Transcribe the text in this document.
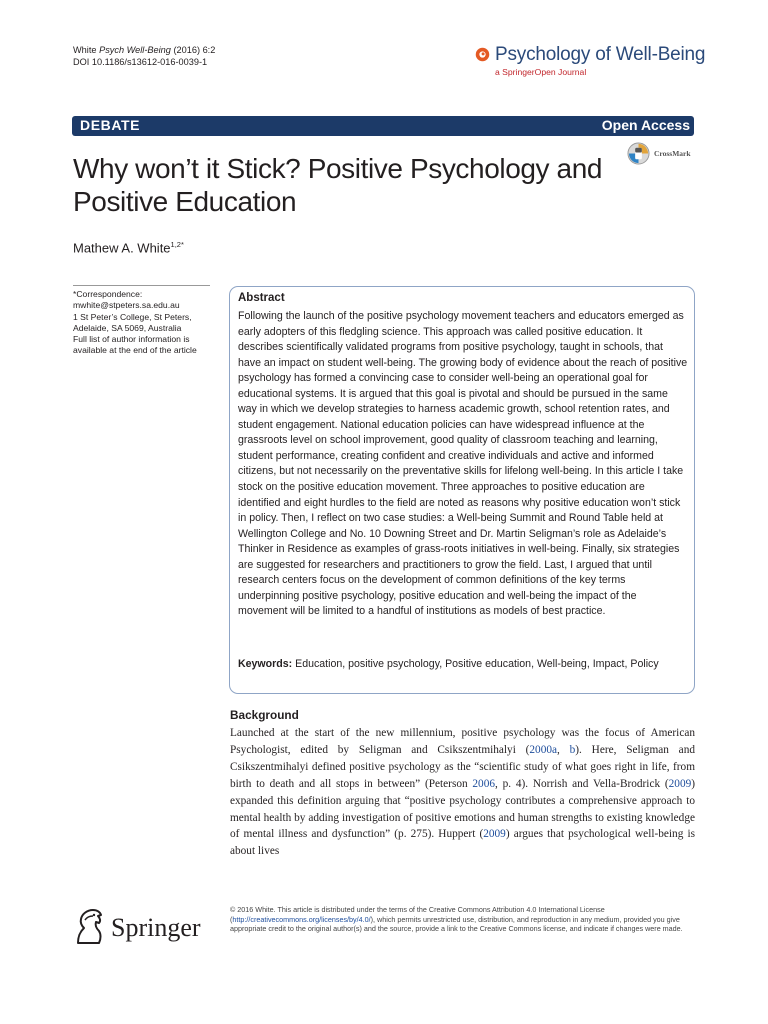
White Psych Well-Being (2016) 6:2
DOI 10.1186/s13612-016-0039-1	Psychology of Well-Being
a SpringerOpen Journal
DEBATE	Open Access
CrossMark
Why won’t it Stick? Positive Psychology and Positive Education
Mathew A. White$^{1,2*}$

*Correspondence:

mwhite@stpeters.sa.edu.au

1 St Peter’s College, St Peters, Adelaide, SA 5069, Australia

Full list of author information is available at the end of the article

Abstract
Following the launch of the positive psychology movement teachers and educators emerged as early adopters of this fledgling science. This approach was called positive education. It describes scientifically validated programs from positive psychology, taught in schools, that have an impact on student well-being. The growing body of evidence about the reach of positive psychology has formed a convincing case to consider well-being an operational goal for educational systems. It is argued that this goal is pivotal and should be pursued in the same way in which we develop strategies to harness academic growth, school retention rates, and student engagement. National education policies can have widespread influence at the grassroots level on school improvement, good quality of classroom teaching and learning, student performance, creating confident and creative individuals and active and informed citizens, but not necessarily on the preventative skills for lifelong well-being. In this article I take stock on the positive education movement. Three approaches to positive education are identified and eight hurdles to the field are noted as reasons why positive education won’t stick in policy. Then, I reflect on two case studies: a Well-being Summit and Round Table held at Wellington College and No. 10 Downing Street and Dr. Martin Seligman’s role as Adelaide’s Thinker in Residence as examples of grass-roots initiatives in well-being. Finally, six strategies are suggested for researchers and practitioners to grow the field. Last, I argued that until research centers focus on the development of common definitions of the key terms underpinning positive psychology, positive education and well-being the impact of the movement will be limited to a handful of institutions as models of best practice.
Keywords: Education, positive psychology, Positive education, Well-being, Impact, Policy
Background
Launched at the start of the new millennium, positive psychology was the focus of American Psychologist, edited by Seligman and Csikszentmihalyi (2000a, b). Here, Seligman and Csikszentmihalyi defined positive psychology as the “scientific study of what goes right in life, from birth to death and all stops in between” (Peterson 2006, p. 4). Norrish and Vella-Brodrick (2009) expanded this definition arguing that “positive psychology contributes a comprehensive approach to mental health by adding investigation of positive emotions and human strengths to existing knowledge of mental illness and dysfunction” (p. 275). Huppert (2009) argues that psychological well-being is about lives
Springer
© 2016 White. This article is distributed under the terms of the Creative Commons Attribution 4.0 International License (http://creativecommons.org/licenses/by/4.0/), which permits unrestricted use, distribution, and reproduction in any medium, provided you give appropriate credit to the original author(s) and the source, provide a link to the Creative Commons license, and indicate if changes were made.
